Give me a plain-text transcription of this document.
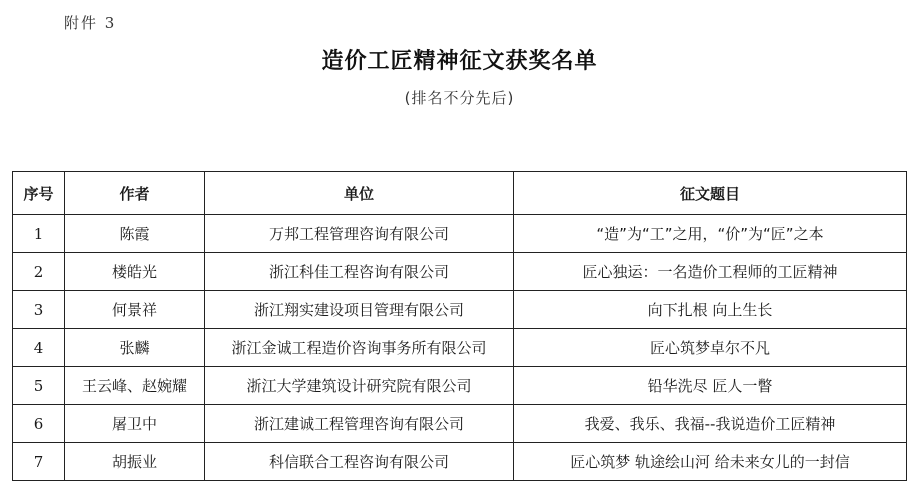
附件 3
造价工匠精神征文获奖名单
(排名不分先后)
序号	作者	单位	征文题目
1	陈霞	万邦工程管理咨询有限公司	“造”为“工”之用，“价”为“匠”之本
2	楼皓光	浙江科佳工程咨询有限公司	匠心独运：一名造价工程师的工匠精神
3	何景祥	浙江翔实建设项目管理有限公司	向下扎根 向上生长
4	张麟	浙江金诚工程造价咨询事务所有限公司	匠心筑梦卓尔不凡
5	王云峰、赵婉耀	浙江大学建筑设计研究院有限公司	铅华洗尽 匠人一瞥
6	屠卫中	浙江建诚工程管理咨询有限公司	我爱、我乐、我福--我说造价工匠精神
7	胡振业	科信联合工程咨询有限公司	匠心筑梦 轨途绘山河 给未来女儿的一封信
